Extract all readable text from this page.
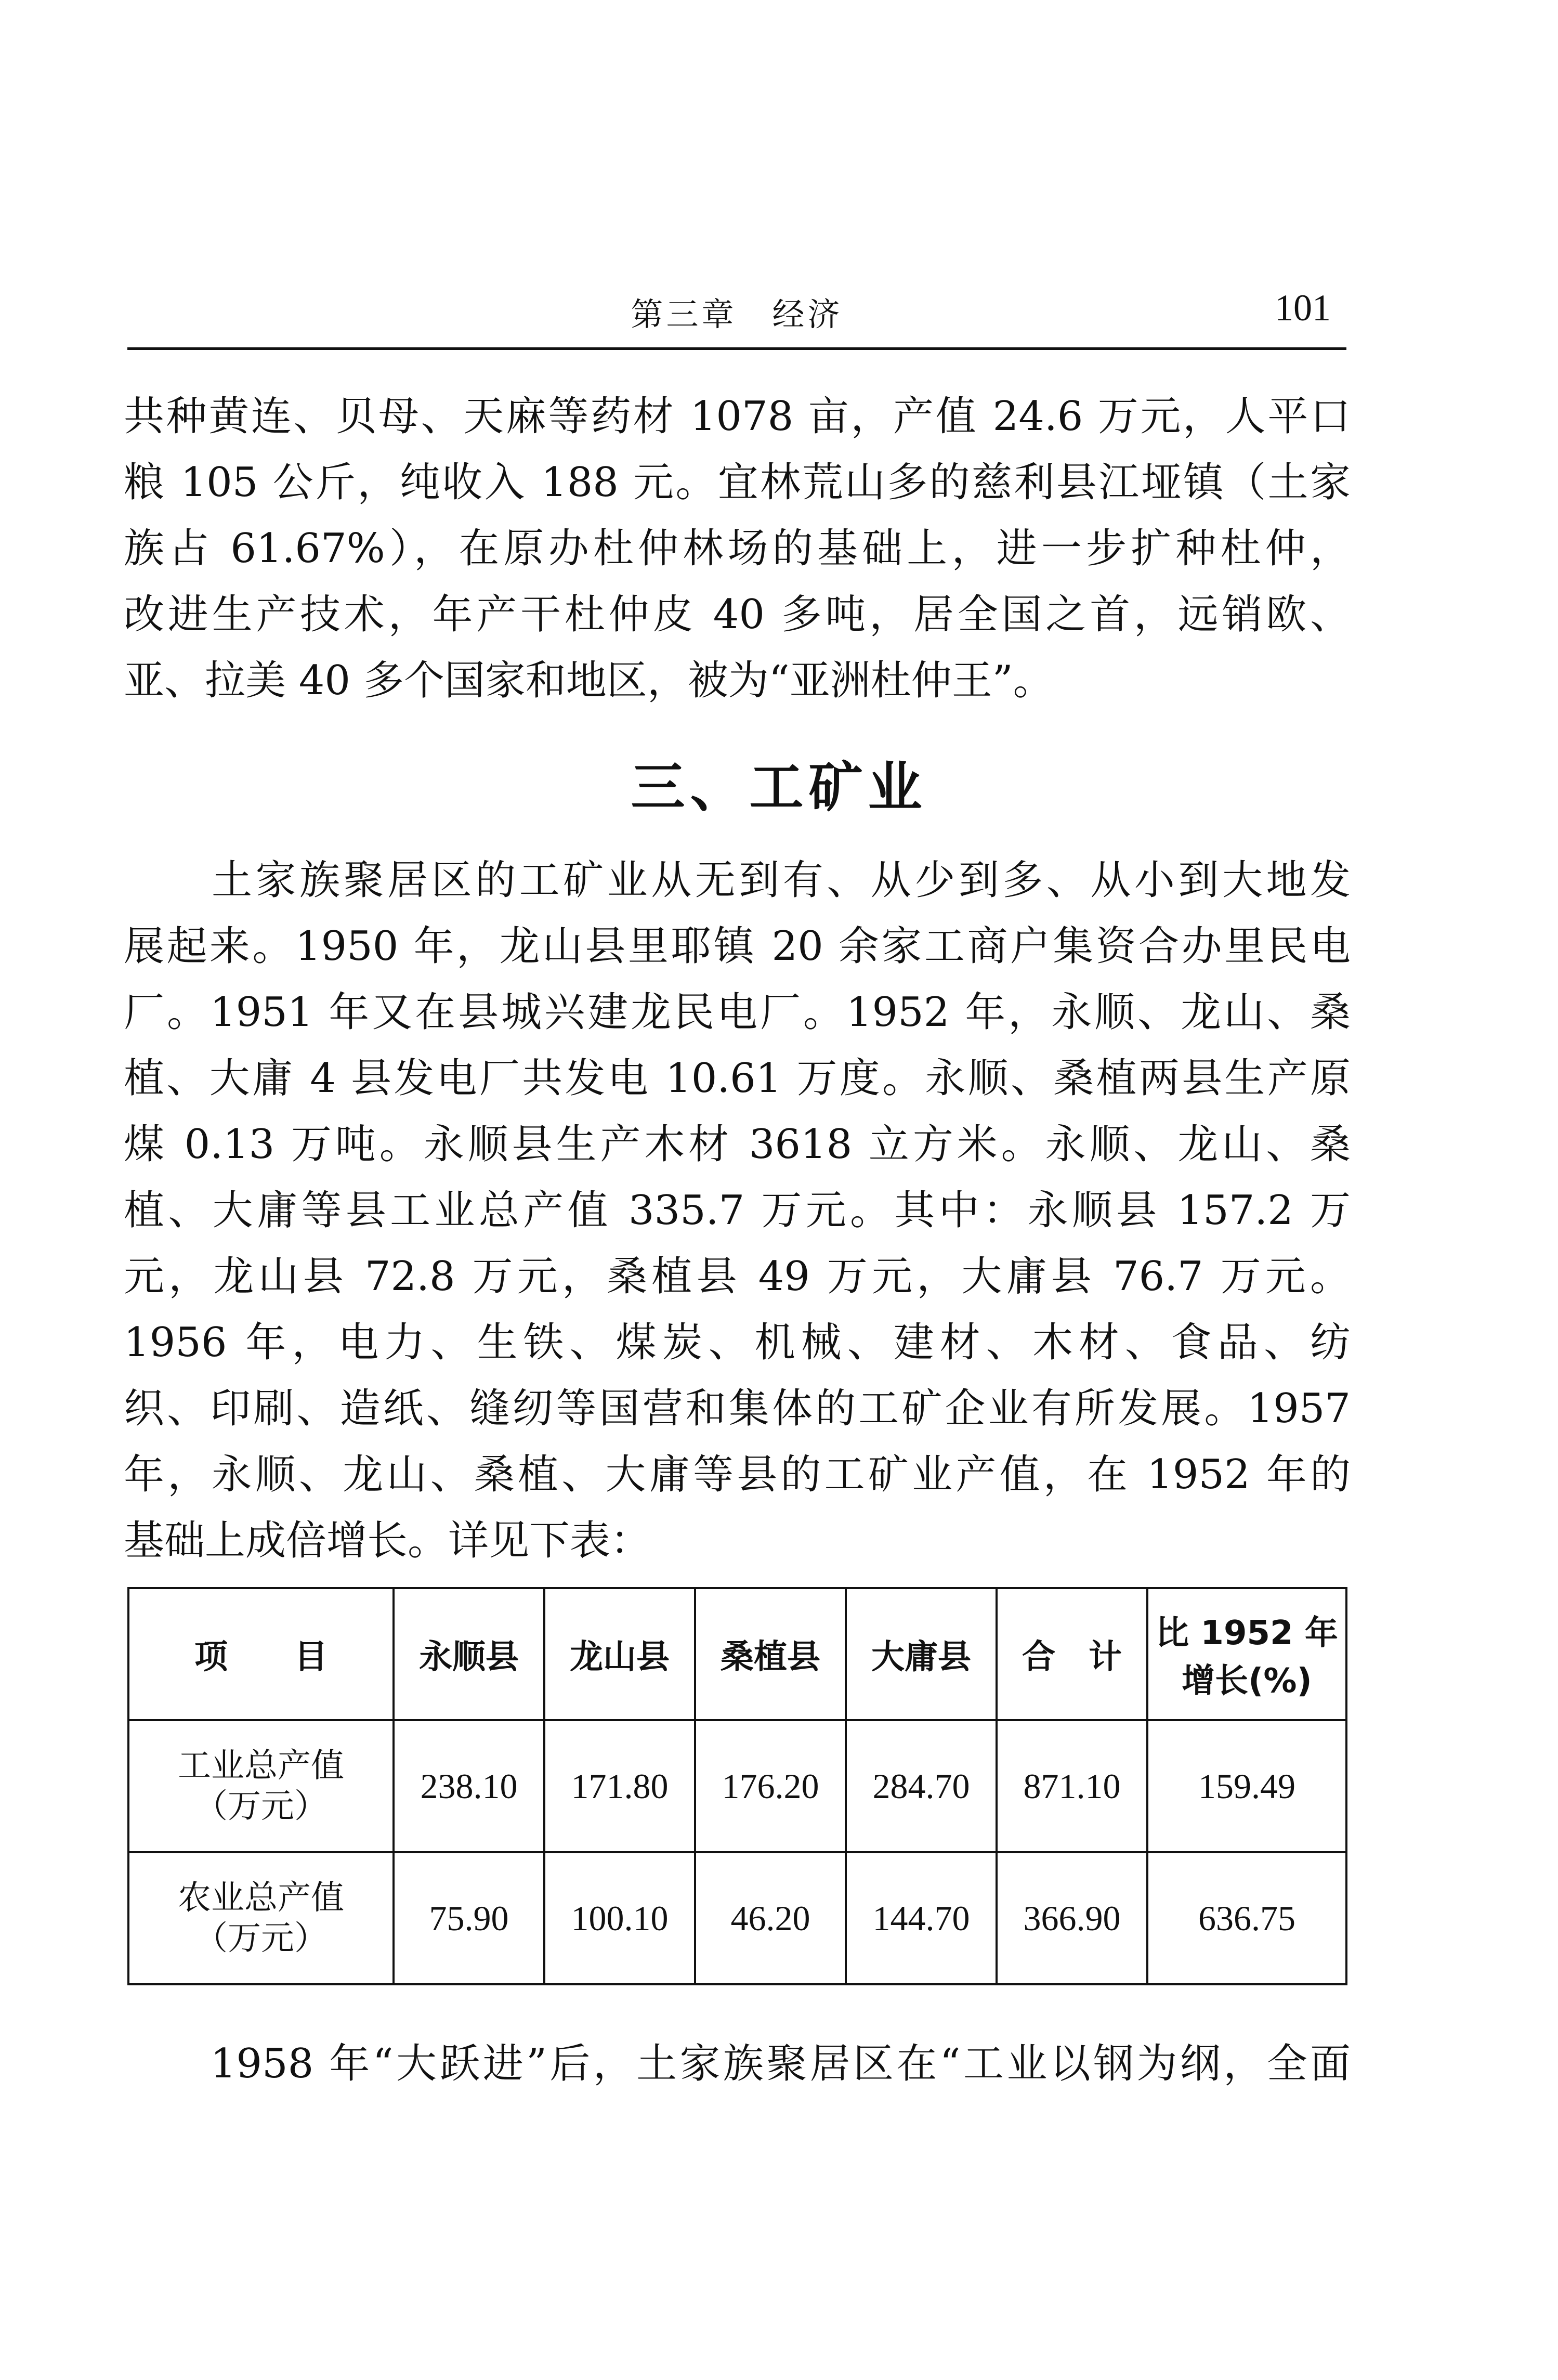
第三章　经济	101
共种黄连、贝母、天麻等药材 1078 亩，产值 24.6 万元，人平口
粮 105 公斤，纯收入 188 元。宜林荒山多的慈利县江垭镇（土家
族占 61.67%），在原办杜仲林场的基础上，进一步扩种杜仲，
改进生产技术，年产干杜仲皮 40 多吨，居全国之首，远销欧、
亚、拉美 40 多个国家和地区，被为“亚洲杜仲王”。
三、工矿业
　　土家族聚居区的工矿业从无到有、从少到多、从小到大地发
展起来。1950 年，龙山县里耶镇 20 余家工商户集资合办里民电
厂。1951 年又在县城兴建龙民电厂。1952 年，永顺、龙山、桑
植、大庸 4 县发电厂共发电 10.61 万度。永顺、桑植两县生产原
煤 0.13 万吨。永顺县生产木材 3618 立方米。永顺、龙山、桑
植、大庸等县工业总产值 335.7 万元。其中：永顺县 157.2 万
元，龙山县 72.8 万元，桑植县 49 万元，大庸县 76.7 万元。
1956 年，电力、生铁、煤炭、机械、建材、木材、食品、纺
织、印刷、造纸、缝纫等国营和集体的工矿企业有所发展。1957
年，永顺、龙山、桑植、大庸等县的工矿业产值，在 1952 年的
基础上成倍增长。详见下表：
项　　目	永顺县	龙山县	桑植县	大庸县	合　计	比 1952 年
增长(%)

工业总产值
（万元）	238.10	171.80	176.20	284.70	871.10	159.49

农业总产值
（万元）	75.90	100.10	46.20	144.70	366.90	636.75
　　1958 年“大跃进”后，土家族聚居区在“工业以钢为纲，全面
